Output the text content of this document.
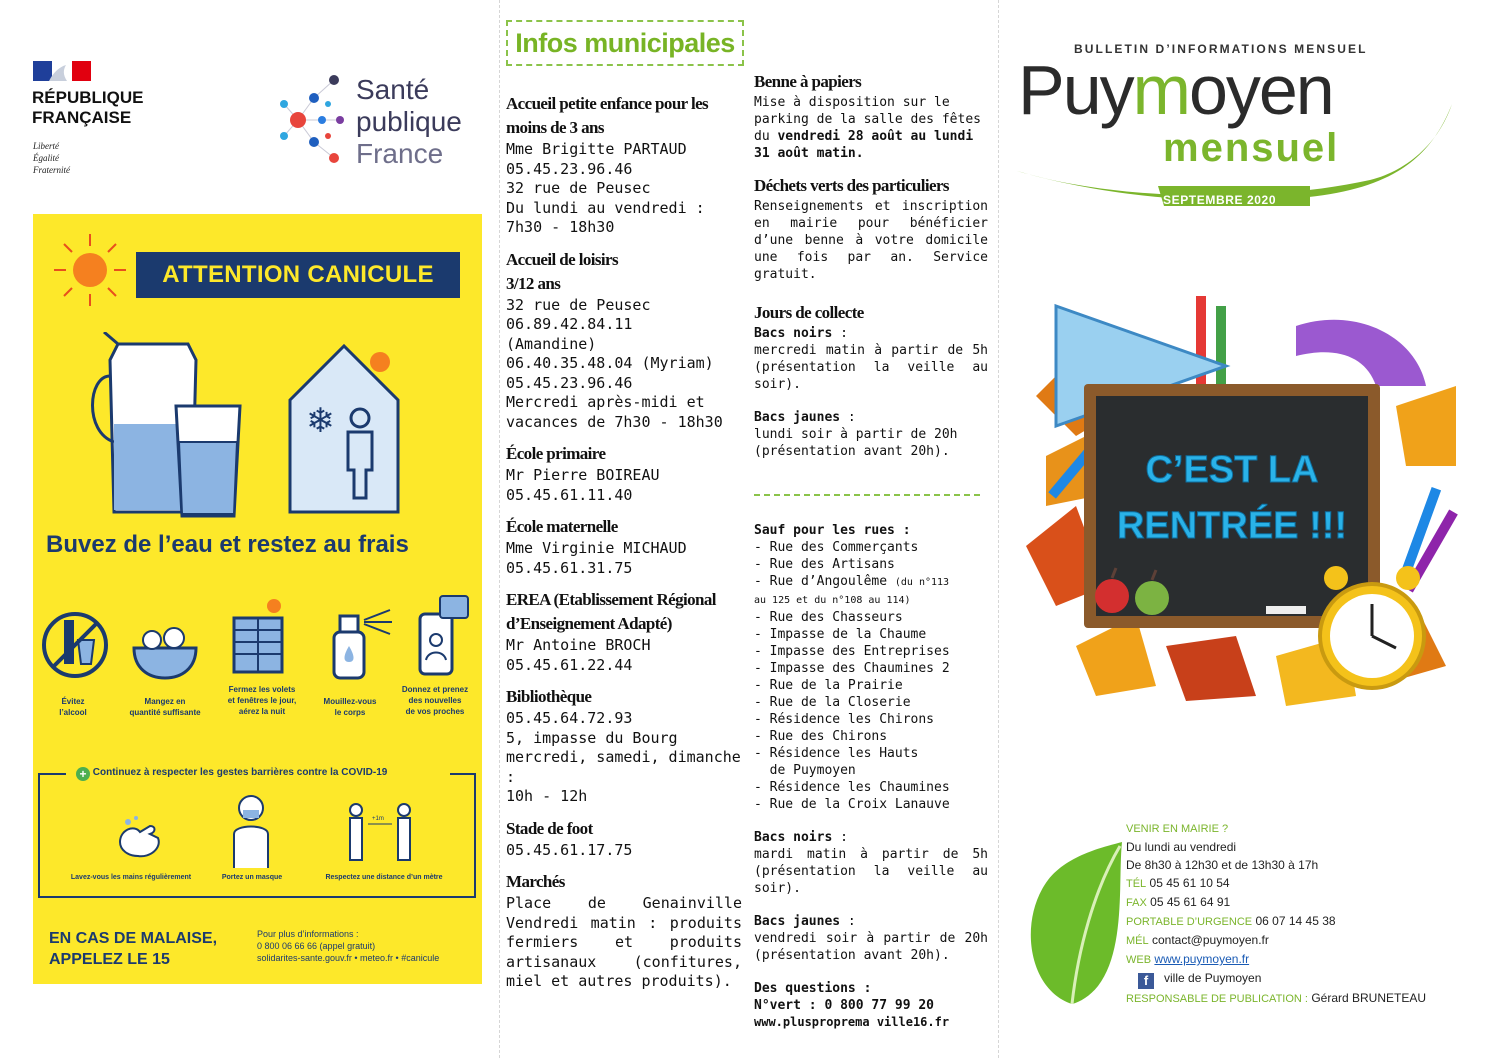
RÉPUBLIQUE
FRANÇAISE
Liberté
Égalité
Fraternité
Santé
publique
France
ATTENTION CANICULE
❄
Buvez de l’eau et restez au frais
Évitez
l’alcool
Mangez en
quantité suffisante
Fermez les volets
et fenêtres le jour,
aérez la nuit
Mouillez-vous
le corps
Donnez et prenez
des nouvelles
de vos proches
+ Continuez à respecter les gestes barrières contre la COVID-19
+1m
Lavez-vous les mains régulièrement	Portez un masque	Respectez une distance d’un mètre
EN CAS DE MALAISE,
APPELEZ LE 15
Pour plus d’informations :
0 800 06 66 66 (appel gratuit)
solidarites-sante.gouv.fr • meteo.fr • #canicule
Infos municipales
Accueil petite enfance pour les moins de 3 ans
Mme Brigitte PARTAUD
05.45.23.96.46
32 rue de Peusec
Du lundi au vendredi :
7h30 - 18h30
Accueil de loisirs
3/12 ans
32 rue de Peusec
06.89.42.84.11
(Amandine)
06.40.35.48.04 (Myriam)
05.45.23.96.46
Mercredi après-midi et
vacances de 7h30 - 18h30
École primaire
Mr Pierre BOIREAU
05.45.61.11.40
École maternelle
Mme Virginie MICHAUD
05.45.61.31.75
EREA (Etablissement Régional d’Enseignement Adapté)
Mr Antoine BROCH
05.45.61.22.44
Bibliothèque
05.45.64.72.93
5, impasse du Bourg
mercredi, samedi, dimanche :
10h - 12h
Stade de foot
05.45.61.17.75
Marchés
Place de Genainville Vendredi matin : produits fermiers et produits artisanaux (confitures, miel et autres produits).
Benne à papiers
Mise à disposition sur le parking de la salle des fêtes du vendredi 28 août au lundi 31 août matin.
Déchets verts des particuliers
Renseignements et inscription en mairie pour bénéficier d’une benne à votre domicile une fois par an. Service gratuit.
Jours de collecte
Bacs noirs :
mercredi matin à partir de 5h (présentation la veille au soir).
Bacs jaunes :
lundi soir à partir de 20h (présentation avant 20h).
Sauf pour les rues :
- Rue des Commerçants
- Rue des Artisans
- Rue d’Angoulême (du n°113
au 125 et du n°108 au 114)
- Rue des Chasseurs
- Impasse de la Chaume
- Impasse des Entreprises
- Impasse des Chaumines 2
- Rue de la Prairie
- Rue de la Closerie
- Résidence les Chirons
- Rue des Chirons
- Résidence les Hauts
de Puymoyen
- Résidence les Chaumines
- Rue de la Croix Lanauve
Bacs noirs :
mardi matin à partir de 5h (présentation la veille au soir).
Bacs jaunes :
vendredi soir à partir de 20h (présentation avant 20h).
Des questions :
N°vert : 0 800 77 99 20
www.plusproprema ville16.fr
BULLETIN D’INFORMATIONS MENSUEL
Puymoyen
mensuel
SEPTEMBRE 2020
C’EST LA
RENTRÉE !!!
VENIR EN MAIRIE ?
Du lundi au vendredi
De 8h30 à 12h30 et de 13h30 à 17h
TÉL 05 45 61 10 54
FAX 05 45 61 64 91
PORTABLE D’URGENCE 06 07 14 45 38
MÉL contact@puymoyen.fr
WEB www.puymoyen.fr
f ville de Puymoyen
RESPONSABLE DE PUBLICATION : Gérard BRUNETEAU
